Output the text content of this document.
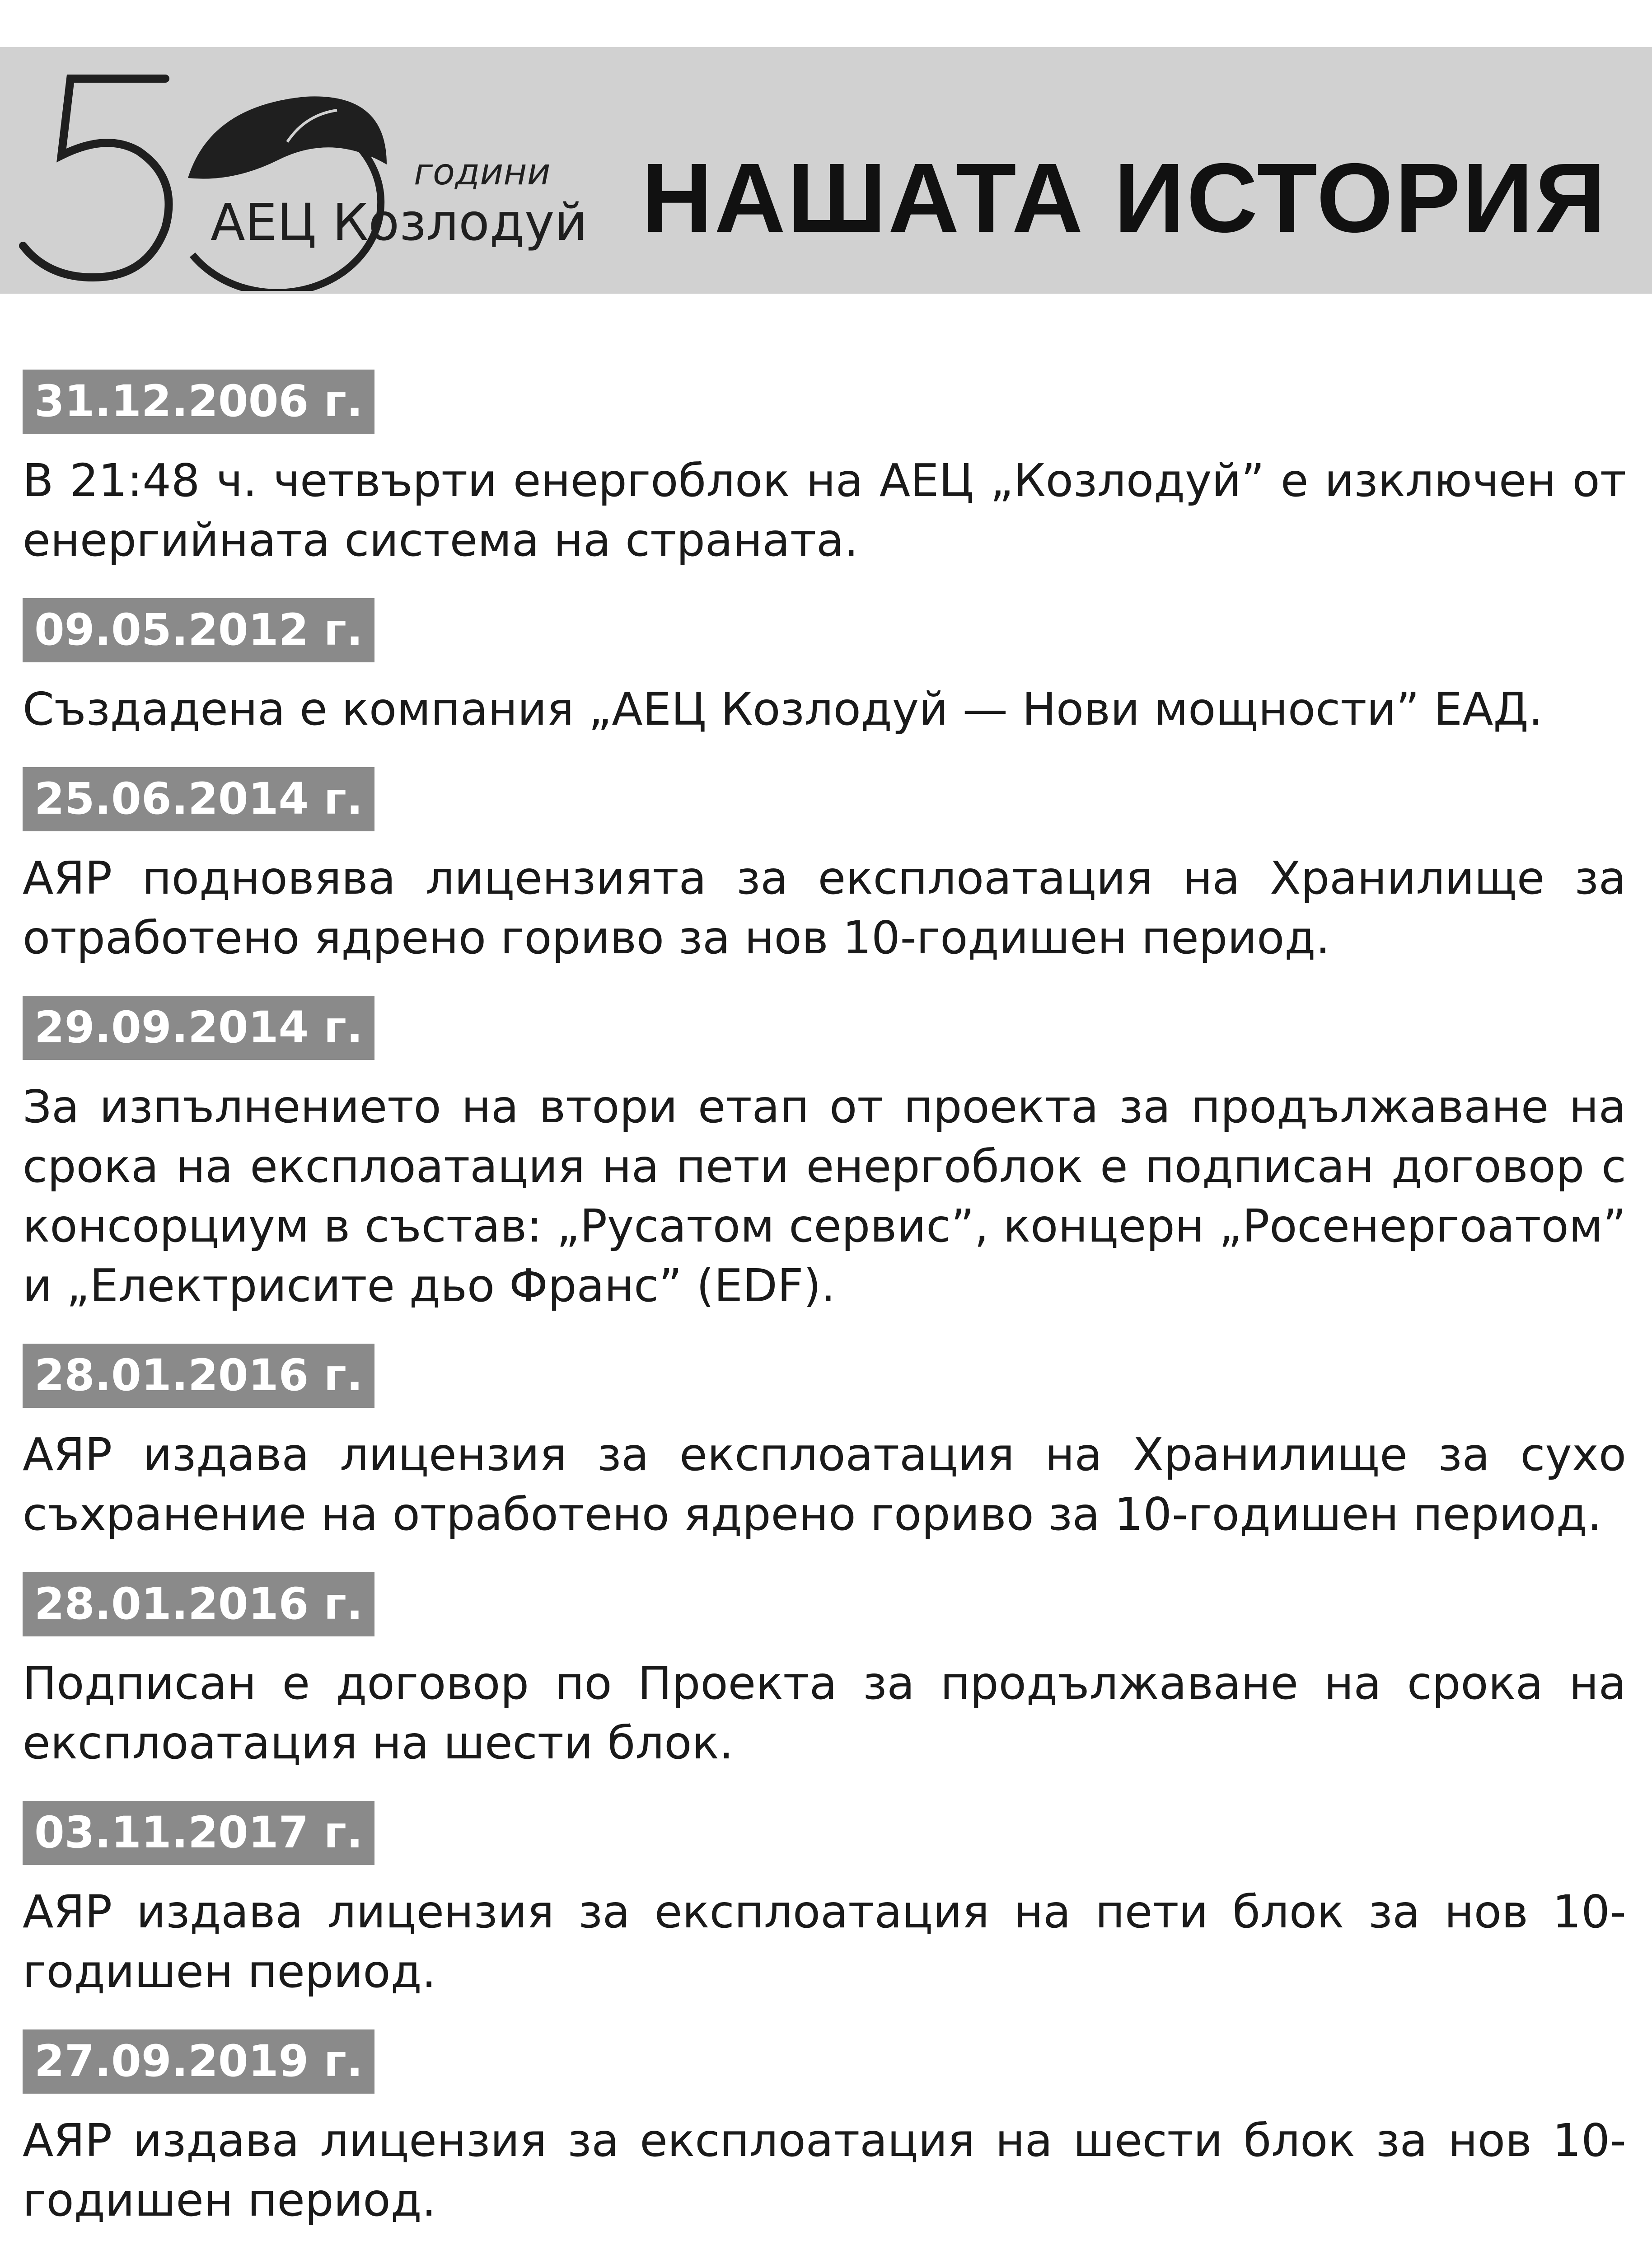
години
АЕЦ Козлодуй НАШАТА ИСТОРИЯ
31.12.2006 г.
В 21:48 ч. четвърти енергоблок на АЕЦ „Козлодуй” е изключен от енергийната система на страната.
09.05.2012 г.
Създадена е компания „АЕЦ Козлодуй — Нови мощности” ЕАД.
25.06.2014 г.
АЯР подновява лицензията за експлоатация на Хранилище за отработено ядрено гориво за нов 10-годишен период.
29.09.2014 г.
За изпълнението на втори етап от проекта за продължаване на срока на експлоатация на пети енергоблок е подписан договор с консорциум в състав: „Русатом сервис”, концерн „Росенергоатом” и „Електрисите дьо Франс” (EDF).
28.01.2016 г.
АЯР издава лицензия за експлоатация на Хранилище за сухо съхранение на отработено ядрено гориво за 10-годишен период.
28.01.2016 г.
Подписан е договор по Проекта за продължаване на срока на експлоатация на шести блок.
03.11.2017 г.
АЯР издава лицензия за експлоатация на пети блок за нов 10-годишен период.
27.09.2019 г.
АЯР издава лицензия за експлоатация на шести блок за нов 10-годишен период.
